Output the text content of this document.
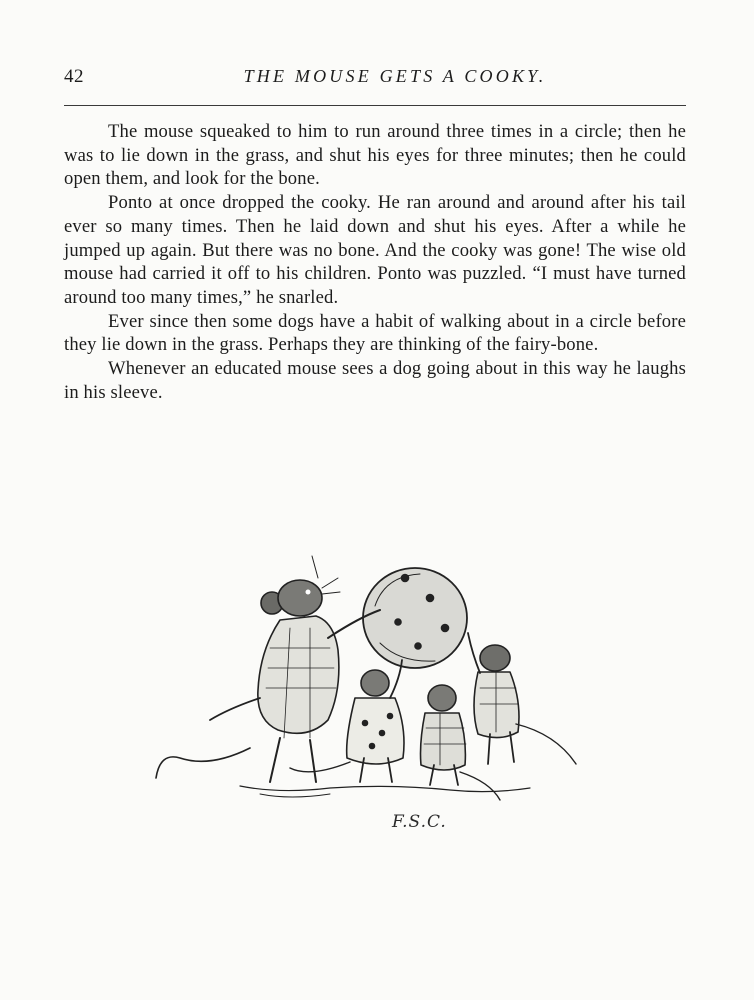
42	THE MOUSE GETS A COOKY.

The mouse squeaked to him to run around three times in a circle; then he was to lie down in the grass, and shut his eyes for three minutes; then he could open them, and look for the bone.

Ponto at once dropped the cooky. He ran around and around after his tail ever so many times. Then he laid down and shut his eyes. After a while he jumped up again. But there was no bone. And the cooky was gone! The wise old mouse had carried it off to his children. Ponto was puzzled. “I must have turned around too many times,” he snarled.

Ever since then some dogs have a habit of walking about in a circle before they lie down in the grass. Perhaps they are thinking of the fairy-bone.

Whenever an educated mouse sees a dog going about in this way he laughs in his sleeve.

F.S.C.
